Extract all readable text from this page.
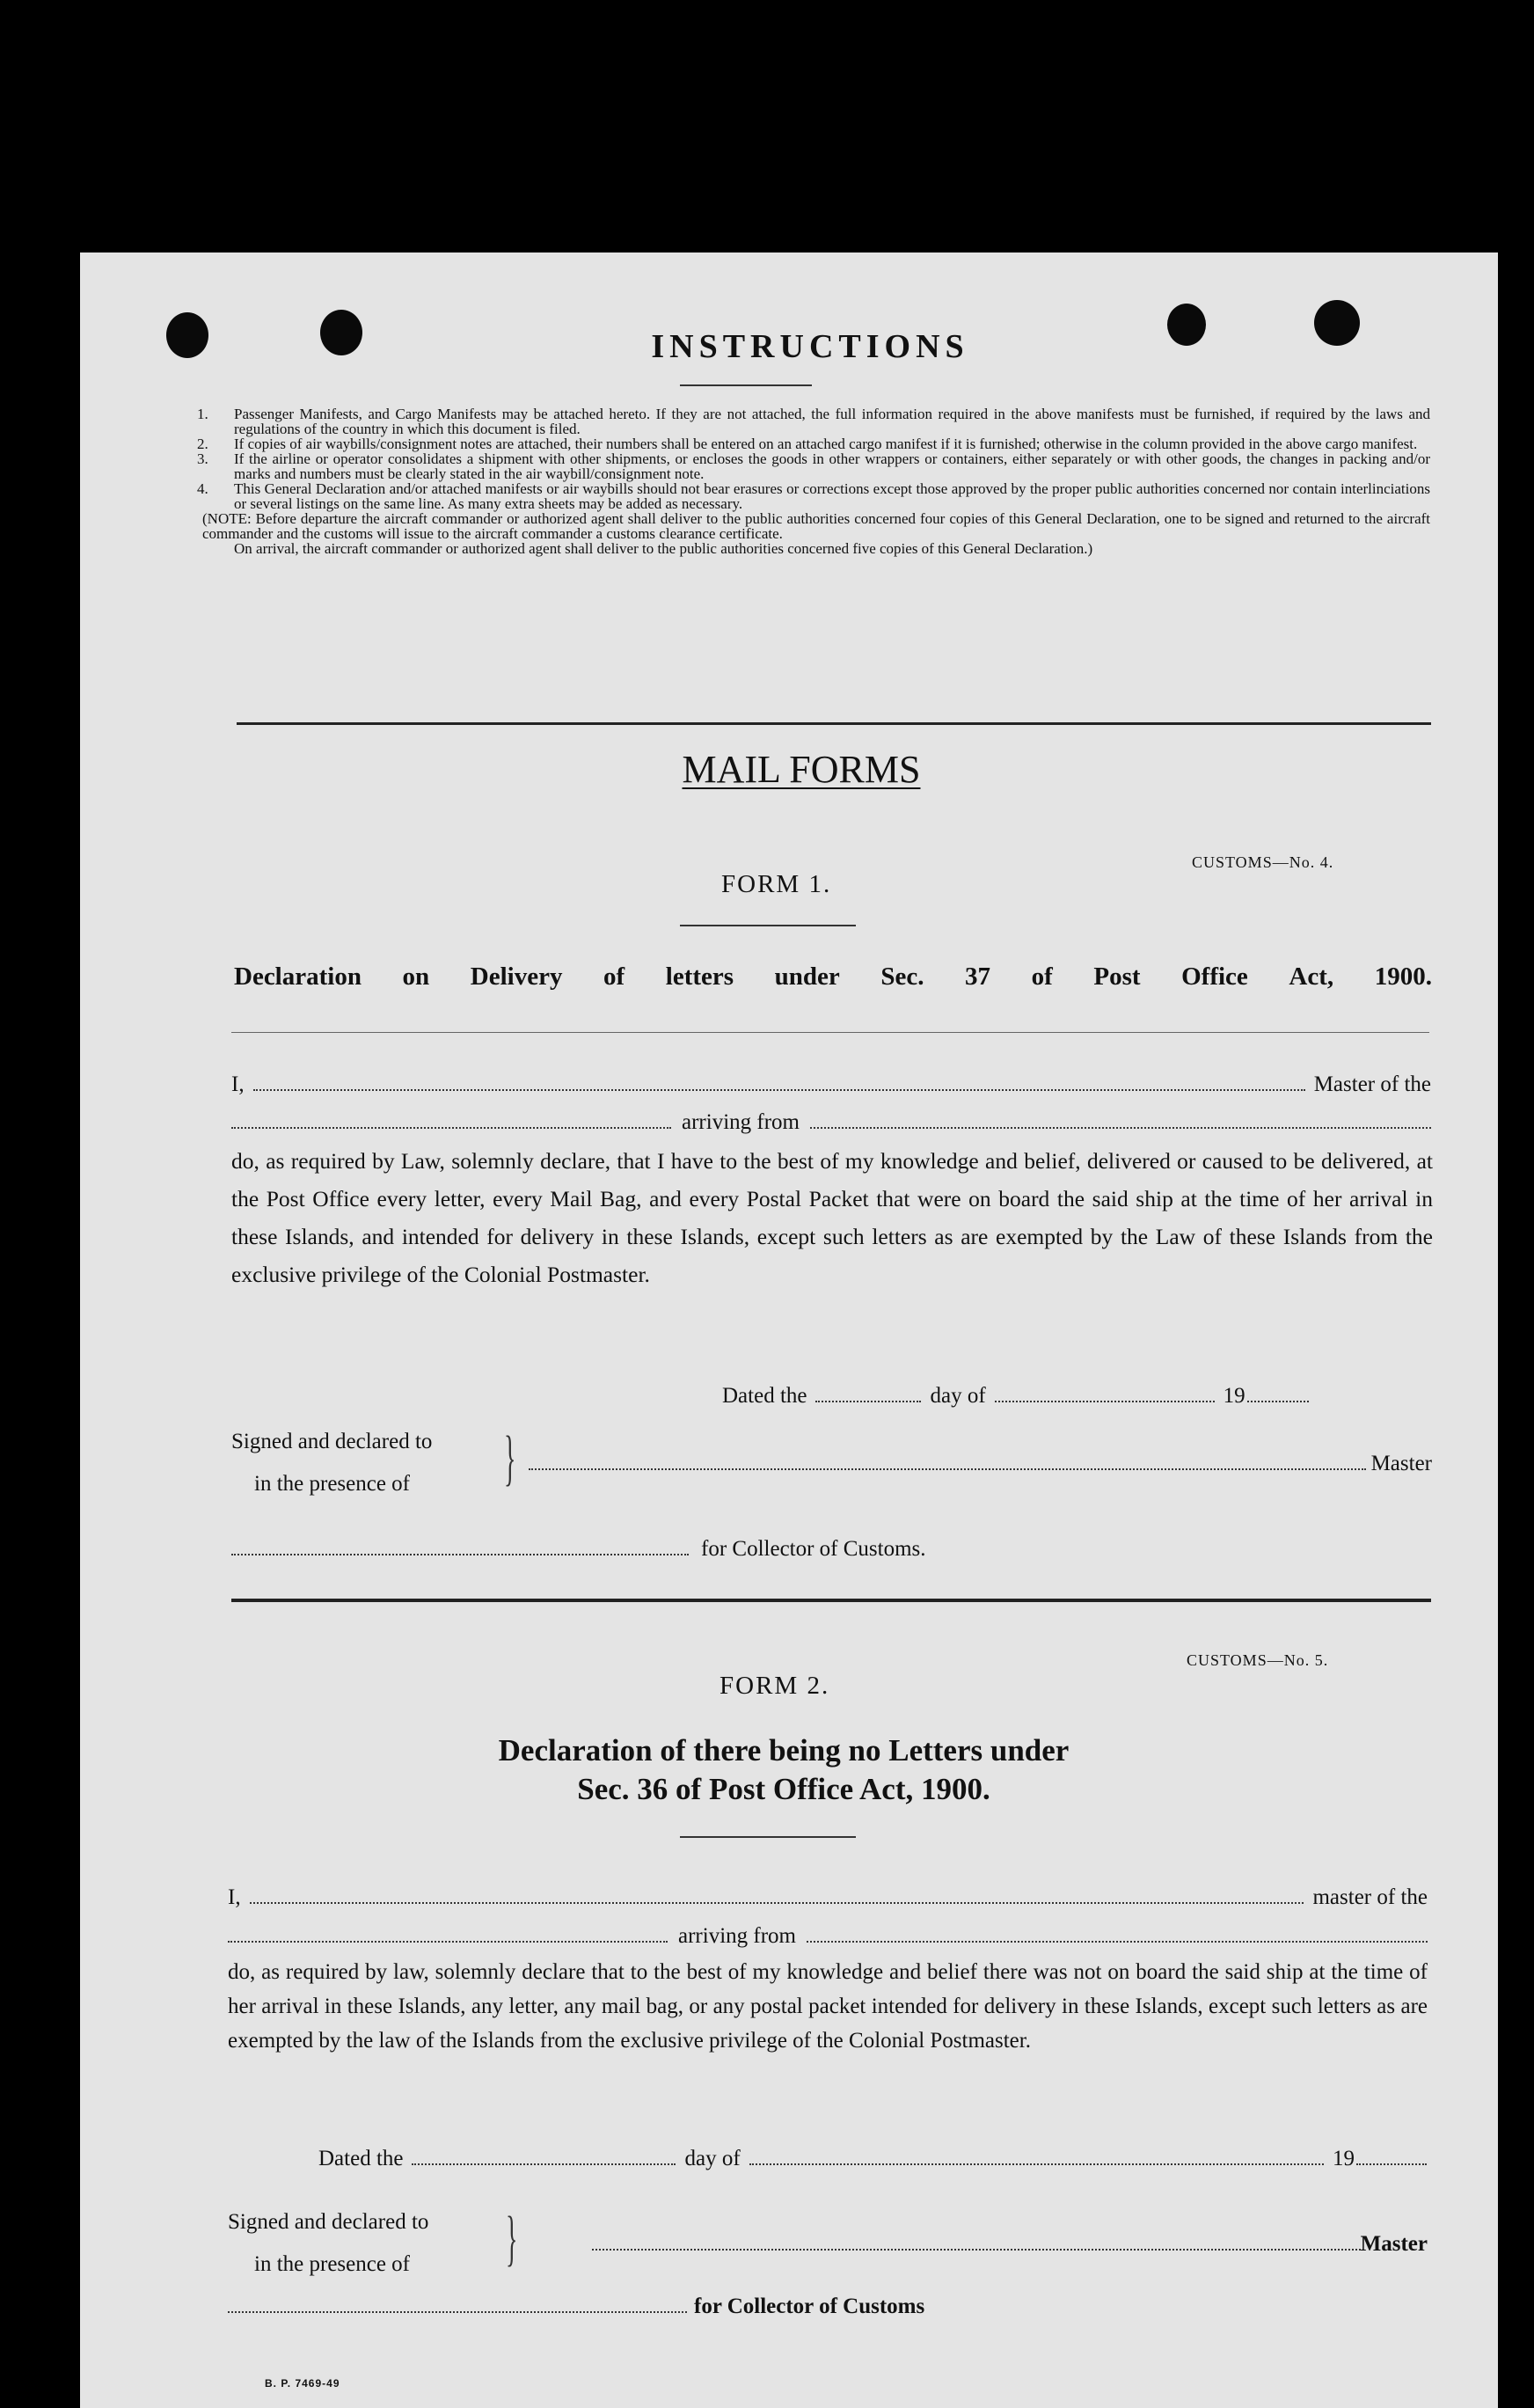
INSTRUCTIONS
1. Passenger Manifests, and Cargo Manifests may be attached hereto. If they are not attached, the full information required in the above manifests must be furnished, if required by the laws and regulations of the country in which this document is filed.
2. If copies of air waybills/consignment notes are attached, their numbers shall be entered on an attached cargo manifest if it is furnished; otherwise in the column provided in the above cargo manifest.
3. If the airline or operator consolidates a shipment with other shipments, or encloses the goods in other wrappers or containers, either separately or with other goods, the changes in packing and/or marks and numbers must be clearly stated in the air waybill/consignment note.
4. This General Declaration and/or attached manifests or air waybills should not bear erasures or corrections except those approved by the proper public authorities concerned nor contain interlinciations or several listings on the same line. As many extra sheets may be added as necessary.
(NOTE: Before departure the aircraft commander or authorized agent shall deliver to the public authorities concerned four copies of this General Declaration, one to be signed and returned to the aircraft commander and the customs will issue to the aircraft commander a customs clearance certificate.
On arrival, the aircraft commander or authorized agent shall deliver to the public authorities concerned five copies of this General Declaration.)
MAIL FORMS
CUSTOMS—No. 4.
FORM 1.
Declaration on Delivery of letters under Sec. 37 of Post Office Act, 1900.
I,	Master of the
arriving from
do, as required by Law, solemnly declare, that I have to the best of my knowledge and belief, delivered or caused to be delivered, at the Post Office every letter, every Mail Bag, and every Postal Packet that were on board the said ship at the time of her arrival in these Islands, and intended for delivery in these Islands, except such letters as are exempted by the Law of these Islands from the exclusive privilege of the Colonial Postmaster.
Dated the	day of	19
Signed and declared to
in the presence of }	Master
for Collector of Customs.
CUSTOMS—No. 5.
FORM 2.
Declaration of there being no Letters under
Sec. 36 of Post Office Act, 1900.
I,	master of the
arriving from
do, as required by law, solemnly declare that to the best of my knowledge and belief there was not on board the said ship at the time of her arrival in these Islands, any letter, any mail bag, or any postal packet intended for delivery in these Islands, except such letters as are exempted by the law of the Islands from the exclusive privilege of the Colonial Postmaster.
Dated the	day of	19
Signed and declared to
in the presence of }	Master
for Collector of Customs
B. P. 7469-49
